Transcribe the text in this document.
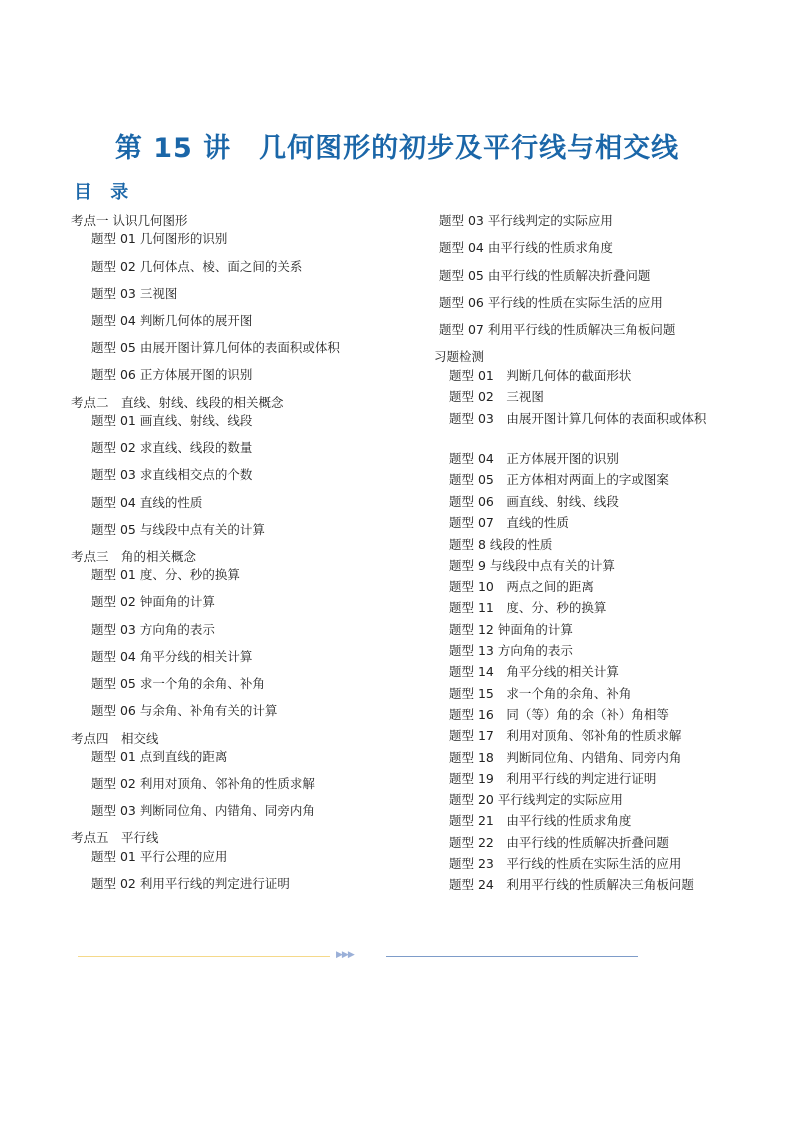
第 15 讲　几何图形的初步及平行线与相交线
目 录
考点一 认识几何图形
题型 01 几何图形的识别
题型 02 几何体点、棱、面之间的关系
题型 03 三视图
题型 04 判断几何体的展开图
题型 05 由展开图计算几何体的表面积或体积
题型 06 正方体展开图的识别
考点二　直线、射线、线段的相关概念
题型 01 画直线、射线、线段
题型 02 求直线、线段的数量
题型 03 求直线相交点的个数
题型 04 直线的性质
题型 05 与线段中点有关的计算
考点三　角的相关概念
题型 01 度、分、秒的换算
题型 02 钟面角的计算
题型 03 方向角的表示
题型 04 角平分线的相关计算
题型 05 求一个角的余角、补角
题型 06 与余角、补角有关的计算
考点四　相交线
题型 01 点到直线的距离
题型 02 利用对顶角、邻补角的性质求解
题型 03 判断同位角、内错角、同旁内角
考点五　平行线
题型 01 平行公理的应用
题型 02 利用平行线的判定进行证明
题型 03 平行线判定的实际应用
题型 04 由平行线的性质求角度
题型 05 由平行线的性质解决折叠问题
题型 06 平行线的性质在实际生活的应用
题型 07 利用平行线的性质解决三角板问题
习题检测
题型 01　判断几何体的截面形状
题型 02　三视图
题型 03　由展开图计算几何体的表面积或体积
题型 04　正方体展开图的识别
题型 05　正方体相对两面上的字或图案
题型 06　画直线、射线、线段
题型 07　直线的性质
题型 8 线段的性质
题型 9 与线段中点有关的计算
题型 10　两点之间的距离
题型 11　度、分、秒的换算
题型 12 钟面角的计算
题型 13 方向角的表示
题型 14　角平分线的相关计算
题型 15　求一个角的余角、补角
题型 16　同（等）角的余（补）角相等
题型 17　利用对顶角、邻补角的性质求解
题型 18　判断同位角、内错角、同旁内角
题型 19　利用平行线的判定进行证明
题型 20 平行线判定的实际应用
题型 21　由平行线的性质求角度
题型 22　由平行线的性质解决折叠问题
题型 23　平行线的性质在实际生活的应用
题型 24　利用平行线的性质解决三角板问题
▶▶▶
